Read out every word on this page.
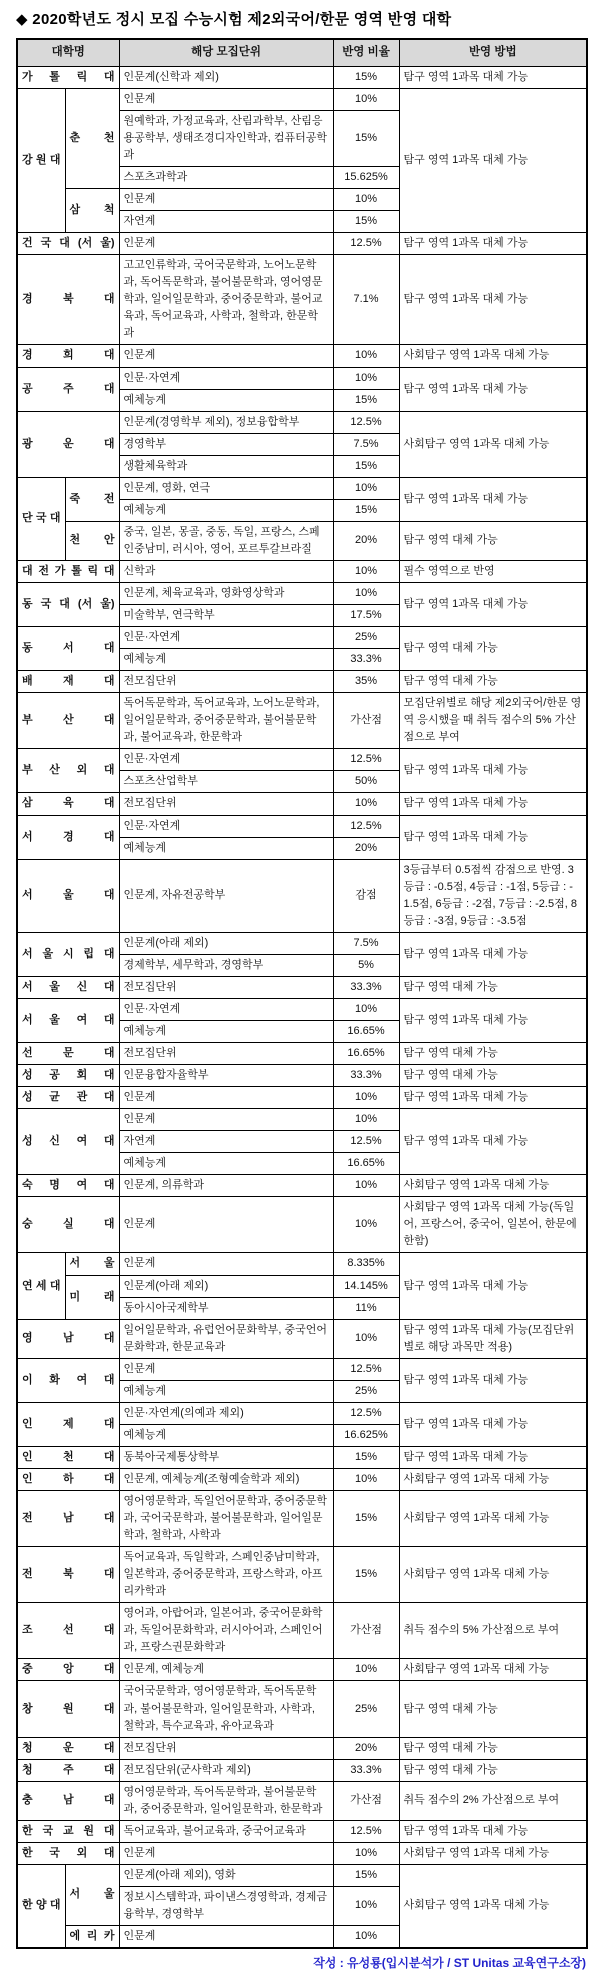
◆ 2020학년도 정시 모집 수능시험 제2외국어/한문 영역 반영 대학
대학명		해당 모집단위	반영 비율	반영 방법
가 톨 릭 대		인문계(신학과 제외)	15%	탐구 영역 1과목 대체 가능
강 원 대	춘 천	인문계	10%	탐구 영역 1과목 대체 가능
		원예학과, 가정교육과, 산림과학부, 산림응용공학부, 생태조경디자인학과, 컴퓨터공학과	15%	
		스포츠과학과	15.625%	
	삼 척	인문계	10%	
		자연계	15%	
건 국 대 (서 울)		인문계	12.5%	탐구 영역 1과목 대체 가능
경 북 대		고고인류학과, 국어국문학과, 노어노문학과, 독어독문학과, 불어불문학과, 영어영문학과, 일어일문학과, 중어중문학과, 불어교육과, 독어교육과, 사학과, 철학과, 한문학과	7.1%	탐구 영역 1과목 대체 가능
경 희 대		인문계	10%	사회탐구 영역 1과목 대체 가능
공 주 대		인문·자연계	10%	탐구 영역 1과목 대체 가능
		예체능계	15%	
광 운 대		인문계(경영학부 제외), 정보융합학부	12.5%	사회탐구 영역 1과목 대체 가능
		경영학부	7.5%	
		생활체육학과	15%	
단 국 대	죽 전	인문계, 영화, 연극	10%	탐구 영역 1과목 대체 가능
		예체능계	15%	
	천 안	중국, 일본, 몽골, 중동, 독일, 프랑스, 스페인중남미, 러시아, 영어, 포르투갈브라질	20%	탐구 영역 대체 가능
대 전 가 톨 릭 대		신학과	10%	필수 영역으로 반영
동 국 대 (서 울)		인문계, 체육교육과, 영화영상학과	10%	탐구 영역 1과목 대체 가능
		미술학부, 연극학부	17.5%	
동 서 대		인문·자연계	25%	탐구 영역 대체 가능
		예체능계	33.3%	
배 재 대		전모집단위	35%	탐구 영역 대체 가능
부 산 대		독어독문학과, 독어교육과, 노어노문학과, 일어일문학과, 중어중문학과, 불어불문학과, 불어교육과, 한문학과	가산점	모집단위별로 해당 제2외국어/한문 영역 응시했을 때 취득 점수의 5% 가산점으로 부여
부 산 외 대		인문·자연계	12.5%	탐구 영역 1과목 대체 가능
		스포츠산업학부	50%	
삼 육 대		전모집단위	10%	탐구 영역 1과목 대체 가능
서 경 대		인문·자연계	12.5%	탐구 영역 1과목 대체 가능
		예체능계	20%	
서 울 대		인문계, 자유전공학부	감점	3등급부터 0.5점씩 감점으로 반영. 3등급 : -0.5점, 4등급 : -1점, 5등급 : -1.5점, 6등급 : -2점, 7등급 : -2.5점, 8등급 : -3점, 9등급 : -3.5점
서 울 시 립 대		인문계(아래 제외)	7.5%	탐구 영역 1과목 대체 가능
		경제학부, 세무학과, 경영학부	5%	
서 울 신 대		전모집단위	33.3%	탐구 영역 대체 가능
서 울 여 대		인문·자연계	10%	탐구 영역 1과목 대체 가능
		예체능계	16.65%	
선 문 대		전모집단위	16.65%	탐구 영역 대체 가능
성 공 회 대		인문융합자율학부	33.3%	탐구 영역 대체 가능
성 균 관 대		인문계	10%	탐구 영역 1과목 대체 가능
성 신 여 대		인문계	10%	탐구 영역 1과목 대체 가능
		자연계	12.5%	
		예체능계	16.65%	
숙 명 여 대		인문계, 의류학과	10%	사회탐구 영역 1과목 대체 가능
숭 실 대		인문계	10%	사회탐구 영역 1과목 대체 가능(독일어, 프랑스어, 중국어, 일본어, 한문에 한함)
연 세 대	서 울	인문계	8.335%	탐구 영역 1과목 대체 가능
	미 래	인문계(아래 제외)	14.145%	
		동아시아국제학부	11%	
영 남 대		일어일문학과, 유럽언어문화학부, 중국언어문화학과, 한문교육과	10%	탐구 영역 1과목 대체 가능(모집단위별로 해당 과목만 적용)
이 화 여 대		인문계	12.5%	탐구 영역 1과목 대체 가능
		예체능계	25%	
인 제 대		인문·자연계(의예과 제외)	12.5%	탐구 영역 1과목 대체 가능
		예체능계	16.625%	
인 천 대		동북아국제통상학부	15%	탐구 영역 1과목 대체 가능
인 하 대		인문계, 예체능계(조형예술학과 제외)	10%	사회탐구 영역 1과목 대체 가능
전 남 대		영어영문학과, 독일언어문학과, 중어중문학과, 국어국문학과, 불어불문학과, 일어일문학과, 철학과, 사학과	15%	사회탐구 영역 1과목 대체 가능
전 북 대		독어교육과, 독일학과, 스페인중남미학과, 일본학과, 중어중문학과, 프랑스학과, 아프리카학과	15%	사회탐구 영역 1과목 대체 가능
조 선 대		영어과, 아랍어과, 일본어과, 중국어문화학과, 독일어문화학과, 러시아어과, 스페인어과, 프랑스권문화학과	가산점	취득 점수의 5% 가산점으로 부여
중 앙 대		인문계, 예체능계	10%	사회탐구 영역 1과목 대체 가능
창 원 대		국어국문학과, 영어영문학과, 독어독문학과, 불어불문학과, 일어일문학과, 사학과, 철학과, 특수교육과, 유아교육과	25%	탐구 영역 대체 가능
청 운 대		전모집단위	20%	탐구 영역 대체 가능
청 주 대		전모집단위(군사학과 제외)	33.3%	탐구 영역 대체 가능
충 남 대		영어영문학과, 독어독문학과, 불어불문학과, 중어중문학과, 일어일문학과, 한문학과	가산점	취득 점수의 2% 가산점으로 부여
한 국 교 원 대		독어교육과, 불어교육과, 중국어교육과	12.5%	탐구 영역 1과목 대체 가능
한 국 외 대		인문계	10%	사회탐구 영역 1과목 대체 가능
한 양 대	서 울	인문계(아래 제외), 영화	15%	사회탐구 영역 1과목 대체 가능
		정보시스템학과, 파이낸스경영학과, 경제금융학부, 경영학부	10%	
	에 리 카	인문계	10%	
작성 : 유성룡(입시분석가 / ST Unitas 교육연구소장)
